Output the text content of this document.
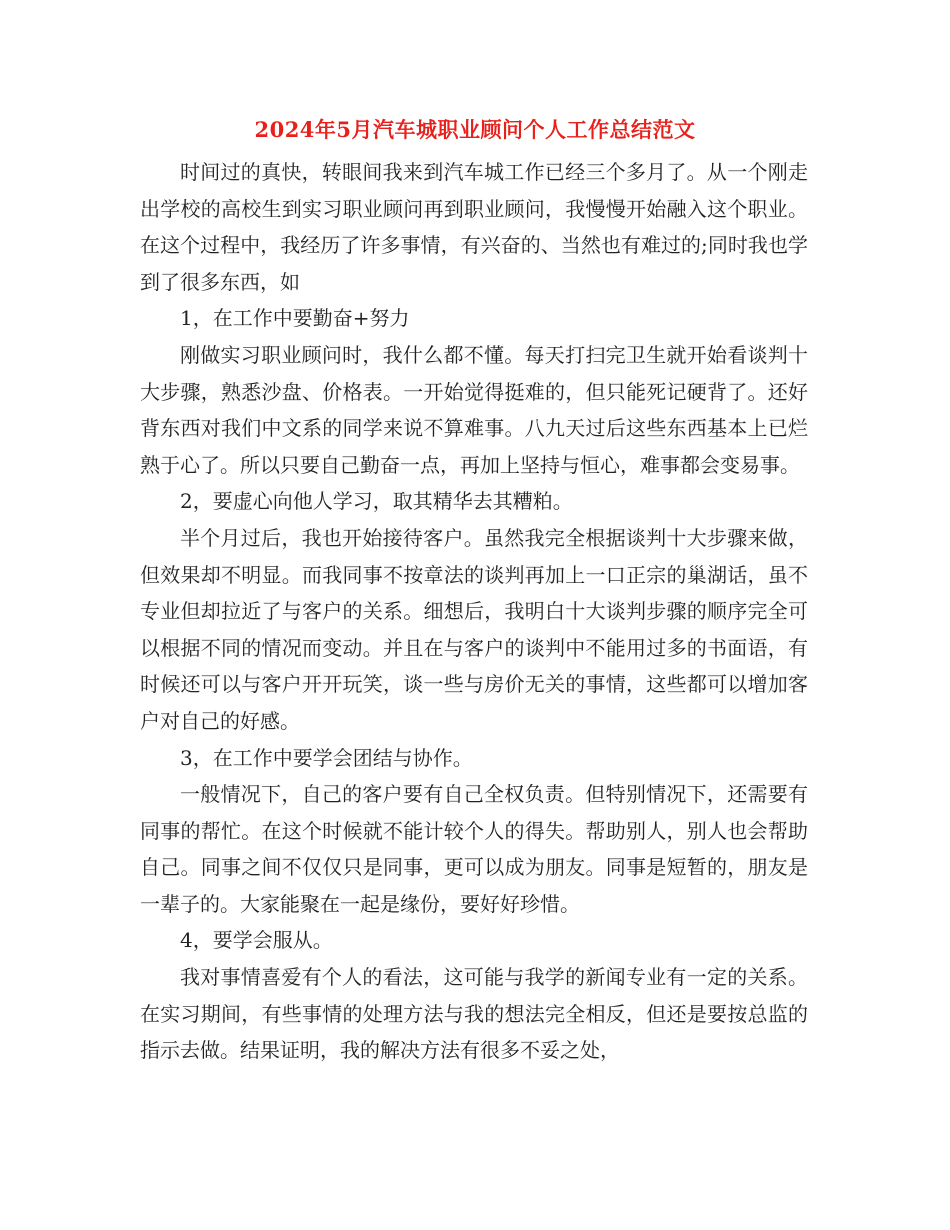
2024年5月汽车城职业顾问个人工作总结范文

时间过的真快，转眼间我来到汽车城工作已经三个多月了。从一个刚走出学校的高校生到实习职业顾问再到职业顾问，我慢慢开始融入这个职业。在这个过程中，我经历了许多事情，有兴奋的、当然也有难过的;同时我也学到了很多东西，如

1，在工作中要勤奋+努力

刚做实习职业顾问时，我什么都不懂。每天打扫完卫生就开始看谈判十大步骤，熟悉沙盘、价格表。一开始觉得挺难的，但只能死记硬背了。还好背东西对我们中文系的同学来说不算难事。八九天过后这些东西基本上已烂熟于心了。所以只要自己勤奋一点，再加上坚持与恒心，难事都会变易事。

2，要虚心向他人学习，取其精华去其糟粕。

半个月过后，我也开始接待客户。虽然我完全根据谈判十大步骤来做，但效果却不明显。而我同事不按章法的谈判再加上一口正宗的巢湖话，虽不专业但却拉近了与客户的关系。细想后，我明白十大谈判步骤的顺序完全可以根据不同的情况而变动。并且在与客户的谈判中不能用过多的书面语，有时候还可以与客户开开玩笑，谈一些与房价无关的事情，这些都可以增加客户对自己的好感。

3，在工作中要学会团结与协作。

一般情况下，自己的客户要有自己全权负责。但特别情况下，还需要有同事的帮忙。在这个时候就不能计较个人的得失。帮助别人，别人也会帮助自己。同事之间不仅仅只是同事，更可以成为朋友。同事是短暂的，朋友是一辈子的。大家能聚在一起是缘份，要好好珍惜。

4，要学会服从。

我对事情喜爱有个人的看法，这可能与我学的新闻专业有一定的关系。在实习期间，有些事情的处理方法与我的想法完全相反，但还是要按总监的指示去做。结果证明，我的解决方法有很多不妥之处，
